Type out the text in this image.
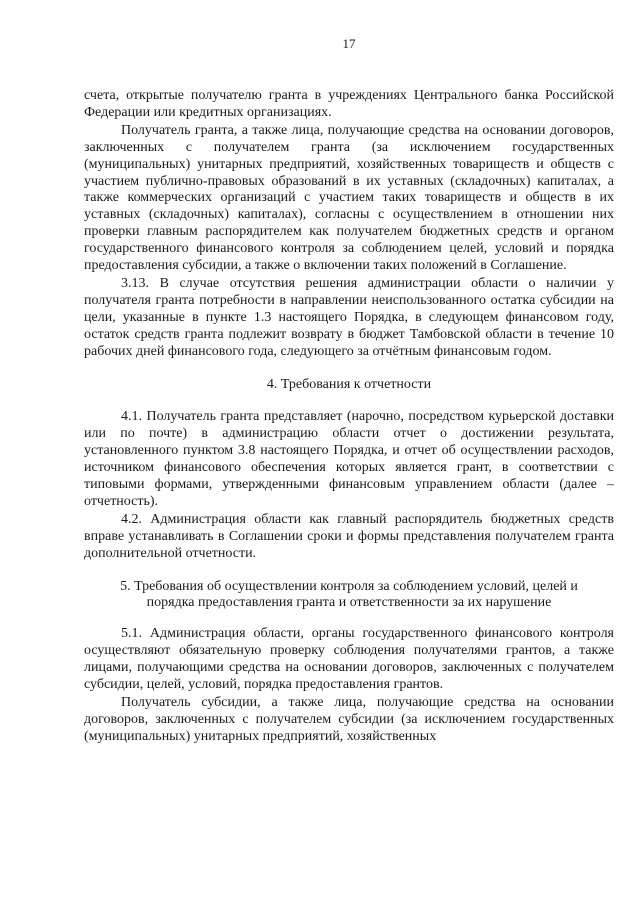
17

счета, открытые получателю гранта в учреждениях Центрального банка Российской Федерации или кредитных организациях.

Получатель гранта, а также лица, получающие средства на основании договоров, заключенных с получателем гранта (за исключением государственных (муниципальных) унитарных предприятий, хозяйственных товариществ и обществ с участием публично-правовых образований в их уставных (складочных) капиталах, а также коммерческих организаций с участием таких товариществ и обществ в их уставных (складочных) капиталах), согласны с осуществлением в отношении них проверки главным распорядителем как получателем бюджетных средств и органом государственного финансового контроля за соблюдением целей, условий и порядка предоставления субсидии, а также о включении таких положений в Соглашение.

3.13. В случае отсутствия решения администрации области о наличии у получателя гранта потребности в направлении неиспользованного остатка субсидии на цели, указанные в пункте 1.3 настоящего Порядка, в следующем финансовом году, остаток средств гранта подлежит возврату в бюджет Тамбовской области в течение 10 рабочих дней финансового года, следующего за отчётным финансовым годом.

4. Требования к отчетности

4.1. Получатель гранта представляет (нарочно, посредством курьерской доставки или по почте) в администрацию области отчет о достижении результата, установленного пунктом 3.8 настоящего Порядка, и отчет об осуществлении расходов, источником финансового обеспечения которых является грант, в соответствии с типовыми формами, утвержденными финансовым управлением области (далее – отчетность).

4.2. Администрация области как главный распорядитель бюджетных средств вправе устанавливать в Соглашении сроки и формы представления получателем гранта дополнительной отчетности.

5. Требования об осуществлении контроля за соблюдением условий, целей и
порядка предоставления гранта и ответственности за их нарушение

5.1. Администрация области, органы государственного финансового контроля осуществляют обязательную проверку соблюдения получателями грантов, а также лицами, получающими средства на основании договоров, заключенных с получателем субсидии, целей, условий, порядка предоставления грантов.

Получатель субсидии, а также лица, получающие средства на основании договоров, заключенных с получателем субсидии (за исключением государственных (муниципальных) унитарных предприятий, хозяйственных
